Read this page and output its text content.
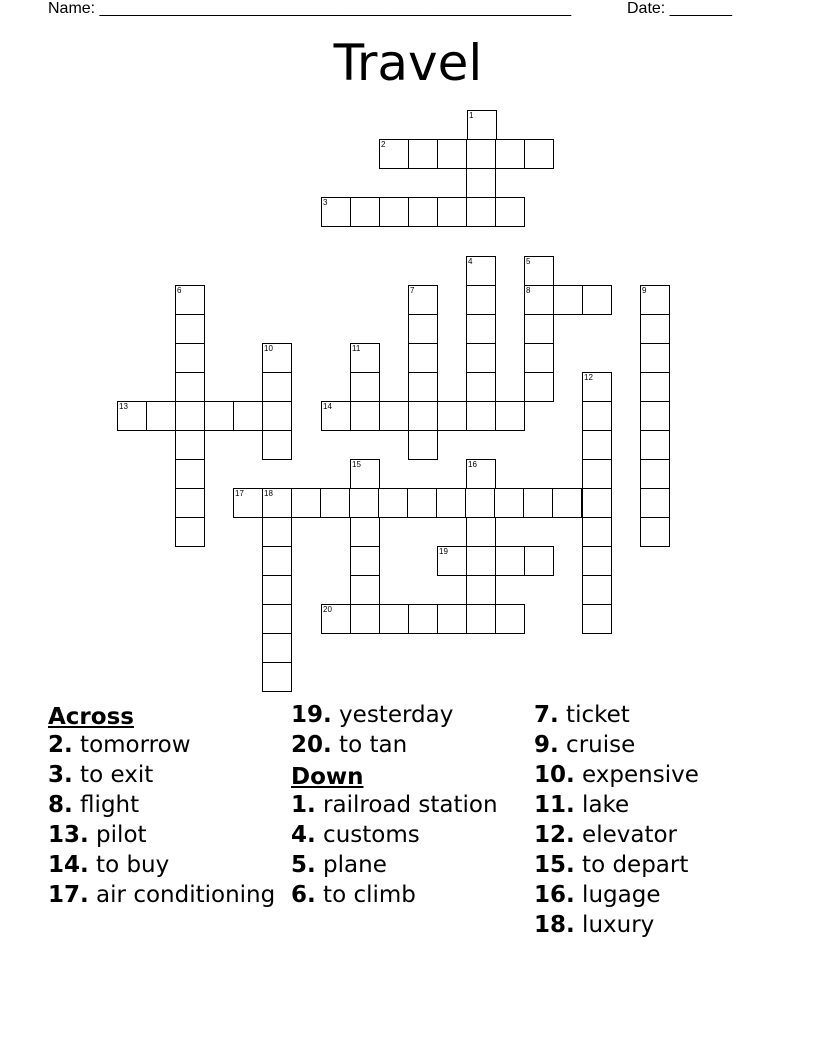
Name: _____________________________________________________	Date: _______
Travel
1
2
3
4	5
8
6	7	9
10	11
12
13	14
15	16
17	18
19
20
Across
2. tomorrow
3. to exit
8. flight
13. pilot
14. to buy
17. air conditioning
19. yesterday
20. to tan
Down
1. railroad station
4. customs
5. plane
6. to climb
7. ticket
9. cruise
10. expensive
11. lake
12. elevator
15. to depart
16. lugage
18. luxury
